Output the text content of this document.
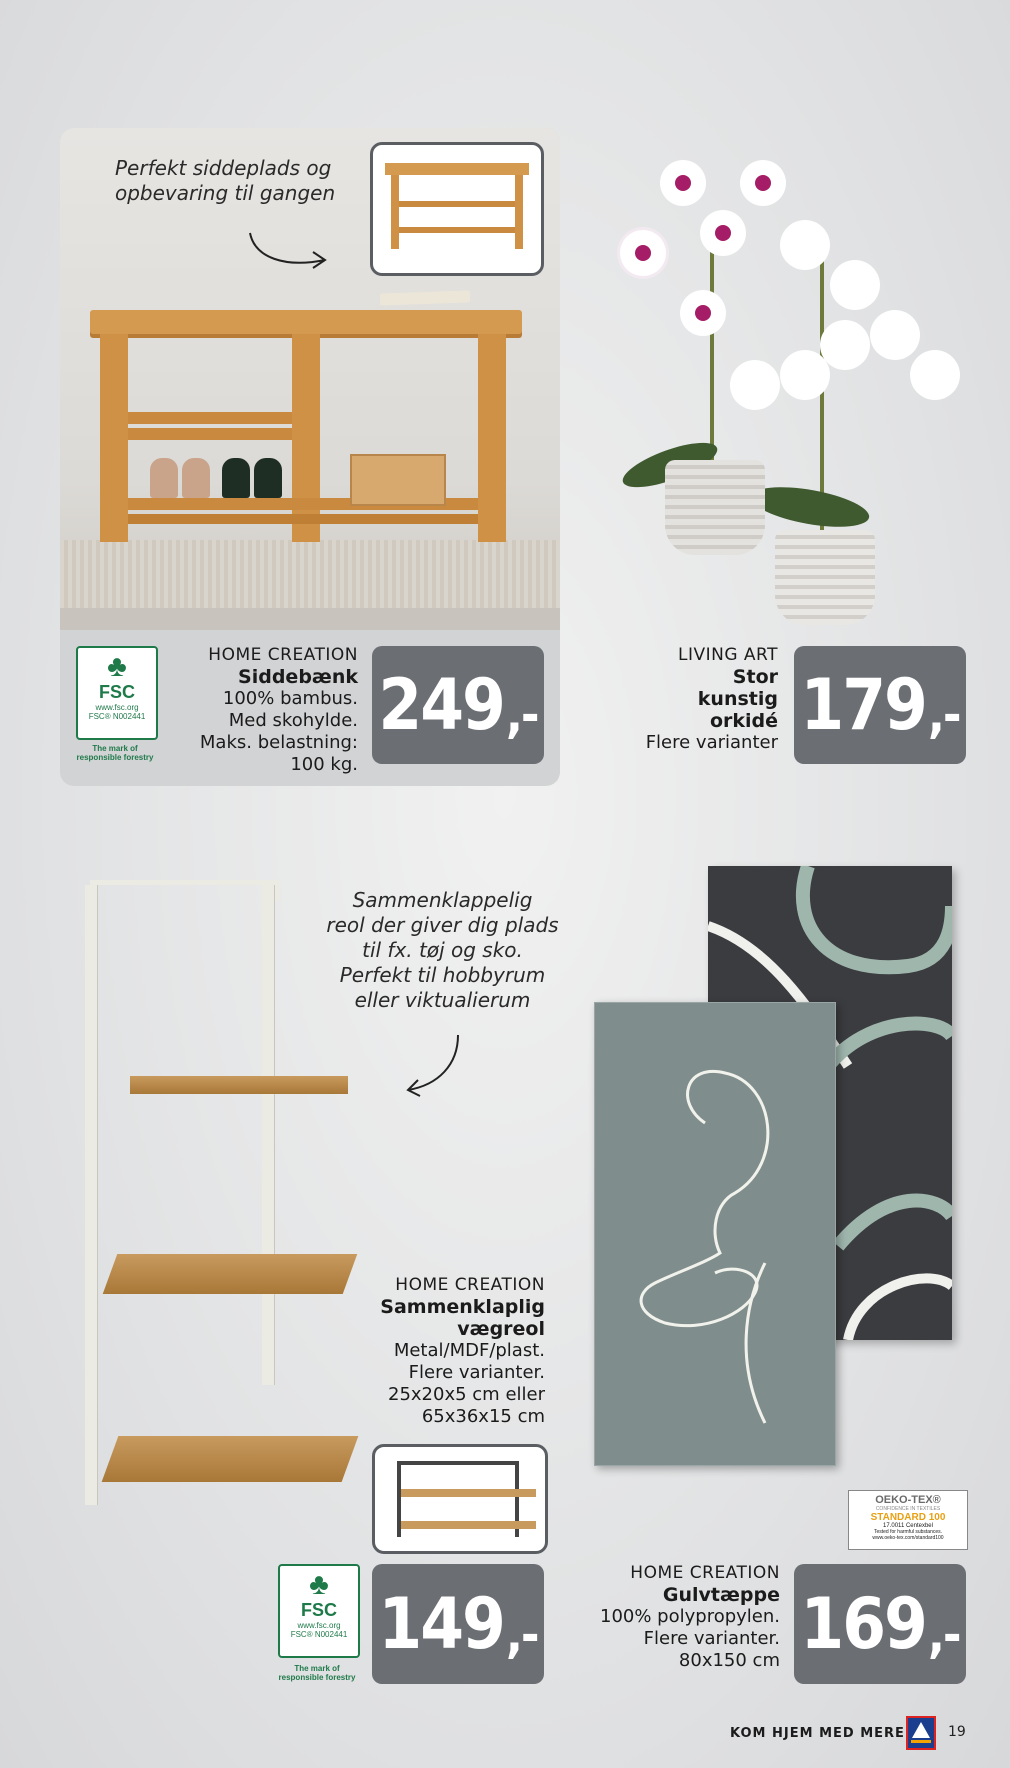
Perfekt siddeplads og
opbevaring til gangen
♣
FSC
www.fsc.org
FSC® N002441
The mark of
responsible forestry
HOME CREATION
Siddebænk
100% bambus.
Med skohylde.
Maks. belastning:
100 kg.
249 ,-
LIVING ART
Stor
kunstig
orkidé
Flere varianter 179 ,-
Sammenklappelig
reol der giver dig plads
til fx. tøj og sko.
Perfekt til hobbyrum
eller viktualierum
HOME CREATION
Sammenklaplig
vægreol
Metal/MDF/plast.
Flere varianter.
25x20x5 cm eller
65x36x15 cm
♣
FSC
www.fsc.org
FSC® N002441
The mark of
responsible forestry
149 ,-
OEKO-TEX®
CONFIDENCE IN TEXTILES
STANDARD 100
17.0011 Centexbel
Tested for harmful substances.
www.oeko-tex.com/standard100
HOME CREATION
Gulvtæppe
100% polypropylen.
Flere varianter.
80x150 cm 169 ,-
KOM HJEM MED MERE	19
